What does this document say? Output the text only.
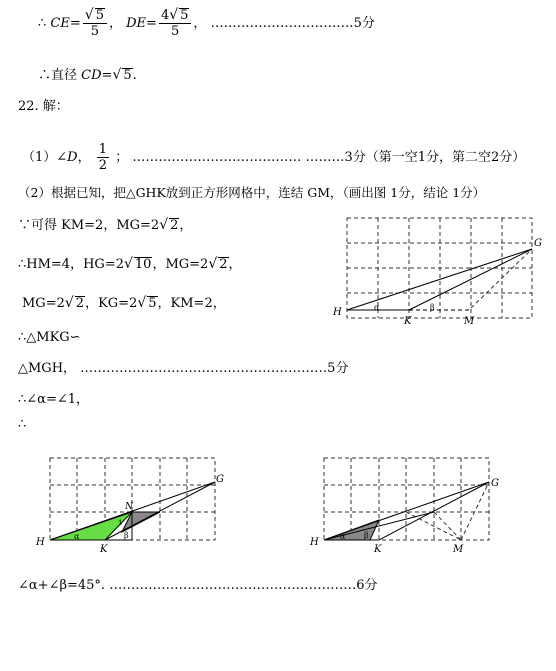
∴ $CE= \frac{√ 5}{5}$ ， $DE= \frac{4√ 5}{5}$ ， ……………………………5分
∴直径 CD=√ 5.
22. 解：
（1）∠D， $\frac{1}{2}$ ； ………………………………… ………3分（第一空1分，第二空2分）
（2）根据已知，把△GHK放到正方形网格中，连结 GM，（画出图 1分，结论 1分）
∵可得 KM=2，MG=2√ 2，
∴HM=4，HG=2√ 10，MG=2√ 2，
MG=2√ 2，KG=2√ 5，KM=2，
∴△MKG∽
△MGH， …………………………………………………5分
∴∠α=∠1，
∴
∠α+∠β=45°. …………………………………………………6分
H
K	M
G
α	β
H
K
N
G
α	β
1
H
K	M
G
α β
